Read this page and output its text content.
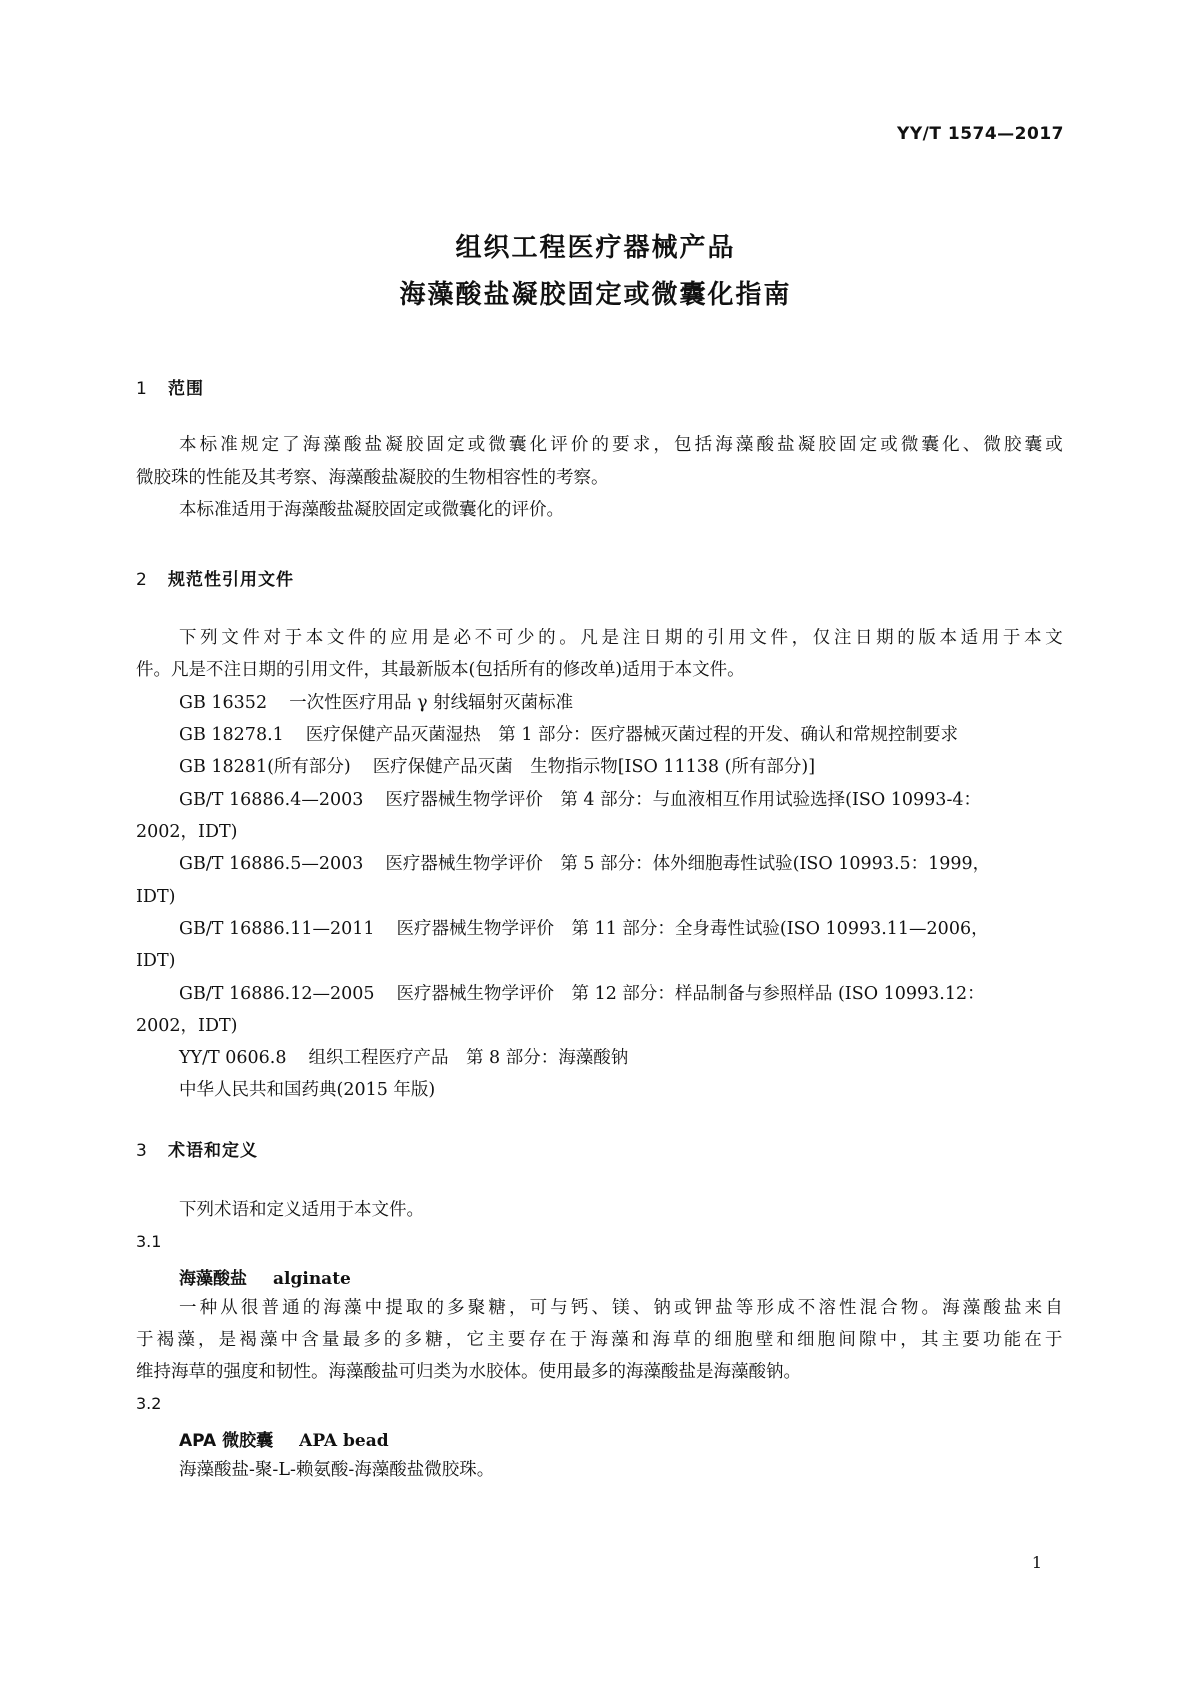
YY/T 1574—2017
组织工程医疗器械产品
海藻酸盐凝胶固定或微囊化指南
1 范围
本 标 准 规 定 了 海 藻 酸 盐 凝 胶 固 定 或 微 囊 化 评 价 的 要 求 ， 包 括 海 藻 酸 盐 凝 胶 固 定 或 微 囊 化 、 微 胶 囊 或
微胶珠的性能及其考察、海藻酸盐凝胶的生物相容性的考察。
本标准适用于海藻酸盐凝胶固定或微囊化的评价。
2 规范性引用文件
下 列 文 件 对 于 本 文 件 的 应 用 是 必 不 可 少 的 。 凡 是 注 日 期 的 引 用 文 件 ， 仅 注 日 期 的 版 本 适 用 于 本 文
件。凡是不注日期的引用文件，其最新版本(包括所有的修改单)适用于本文件。
GB 16352 一次性医疗用品 γ 射线辐射灭菌标准
GB 18278.1 医疗保健产品灭菌湿热　第 1 部分：医疗器械灭菌过程的开发、确认和常规控制要求
GB 18281(所有部分) 医疗保健产品灭菌　生物指示物[ISO 11138 (所有部分)]
GB/T 16886.4—2003 医疗器械生物学评价　第 4 部分：与血液相互作用试验选择(ISO 10993-4：
2002，IDT)
GB/T 16886.5—2003 医疗器械生物学评价　第 5 部分：体外细胞毒性试验(ISO 10993.5：1999，
IDT)
GB/T 16886.11—2011 医疗器械生物学评价　第 11 部分：全身毒性试验(ISO 10993.11—2006，
IDT)
GB/T 16886.12—2005 医疗器械生物学评价　第 12 部分：样品制备与参照样品 (ISO 10993.12：
2002，IDT)
YY/T 0606.8 组织工程医疗产品　第 8 部分：海藻酸钠
中华人民共和国药典(2015 年版)
3 术语和定义
下列术语和定义适用于本文件。
3.1
海藻酸盐 alginate
一 种 从 很 普 通 的 海 藻 中 提 取 的 多 聚 糖 ， 可 与 钙 、 镁 、 钠 或 钾 盐 等 形 成 不 溶 性 混 合 物 。 海 藻 酸 盐 来 自
于 褐 藻 ， 是 褐 藻 中 含 量 最 多 的 多 糖 ， 它 主 要 存 在 于 海 藻 和 海 草 的 细 胞 壁 和 细 胞 间 隙 中 ， 其 主 要 功 能 在 于
维持海草的强度和韧性。海藻酸盐可归类为水胶体。使用最多的海藻酸盐是海藻酸钠。
3.2
APA 微胶囊 APA bead
海藻酸盐-聚-L-赖氨酸-海藻酸盐微胶珠。
1
